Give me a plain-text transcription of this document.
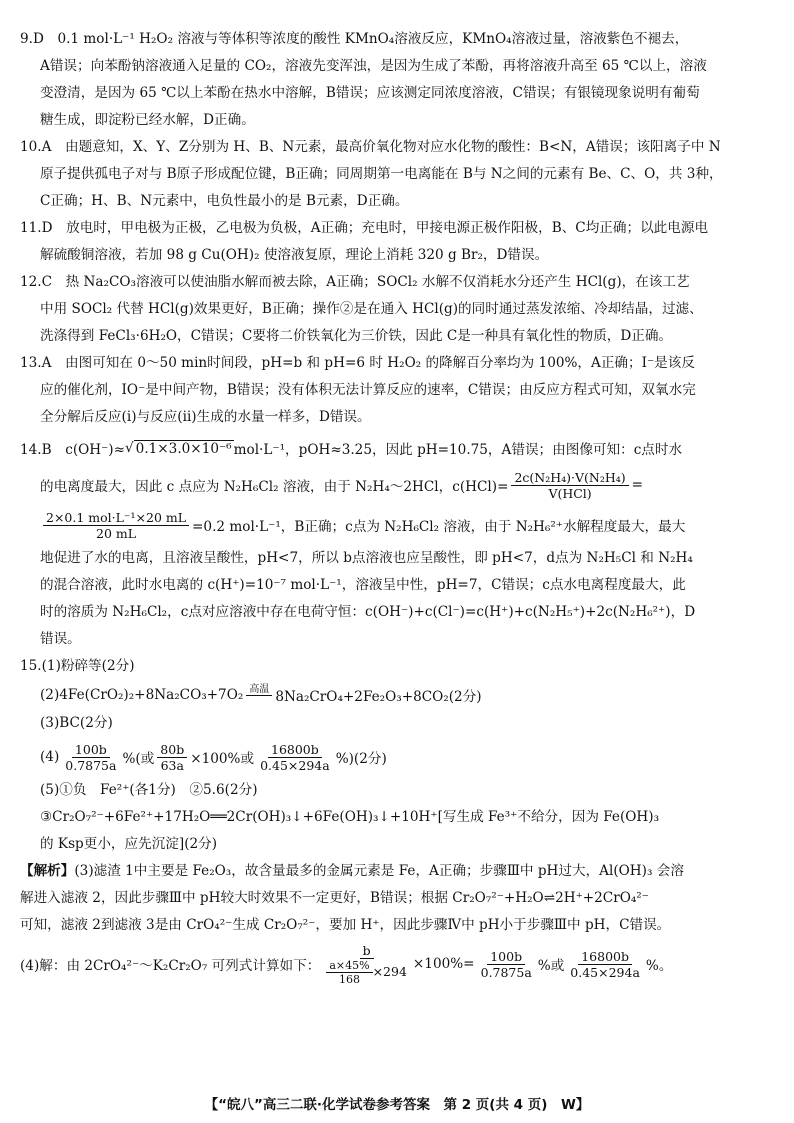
9.D　0.1 mol·L⁻¹ H₂O₂ 溶液与等体积等浓度的酸性 KMnO₄溶液反应，KMnO₄溶液过量，溶液紫色不褪去，

A错误；向苯酚钠溶液通入足量的 CO₂，溶液先变浑浊，是因为生成了苯酚，再将溶液升高至 65 ℃以上，溶液

变澄清，是因为 65 ℃以上苯酚在热水中溶解，B错误；应该测定同浓度溶液，C错误；有银镜现象说明有葡萄

糖生成，即淀粉已经水解，D正确。

10.A　由题意知，X、Y、Z分别为 H、B、N元素，最高价氧化物对应水化物的酸性：B<N，A错误；该阳离子中 N

原子提供孤电子对与 B原子形成配位键，B正确；同周期第一电离能在 B与 N之间的元素有 Be、C、O，共 3种，

C正确；H、B、N元素中，电负性最小的是 B元素，D正确。

11.D　放电时，甲电极为正极，乙电极为负极，A正确；充电时，甲接电源正极作阳极，B、C均正确；以此电源电

解硫酸铜溶液，若加 98 g Cu(OH)₂ 使溶液复原，理论上消耗 320 g Br₂，D错误。

12.C　热 Na₂CO₃溶液可以使油脂水解而被去除，A正确；SOCl₂ 水解不仅消耗水分还产生 HCl(g)，在该工艺

中用 SOCl₂ 代替 HCl(g)效果更好，B正确；操作②是在通入 HCl(g)的同时通过蒸发浓缩、冷却结晶，过滤、

洗涤得到 FeCl₃·6H₂O，C错误；C要将二价铁氧化为三价铁，因此 C是一种具有氧化性的物质，D正确。

13.A　由图可知在 0～50 min时间段，pH=b 和 pH=6 时 H₂O₂ 的降解百分率均为 100%，A正确；I⁻是该反

应的催化剂，IO⁻是中间产物，B错误；没有体积无法计算反应的速率，C错误；由反应方程式可知，双氧水完

全分解后反应(ⅰ)与反应(ⅱ)生成的水量一样多，D错误。

14.B　c(OH⁻)≈ √ 0.1×3.0×10⁻⁶ mol·L⁻¹，pOH≈3.25，因此 pH=10.75，A错误；由图像可知：c点时水
的电离度最大，因此 c 点应为 N₂H₆Cl₂ 溶液，由于 N₂H₄～2HCl，$c(HCl)= \frac{\text{2c(N₂H₄)·V(N₂H₄)}}{\text{V(HCl)}}$ =
$\frac{\text{2×0.1 mol·L⁻¹×20 mL}}{20 mL} =0.2$ mol·L⁻¹，B正确；c点为 N₂H₆Cl₂ 溶液，由于 N₂H₆²⁺水解程度最大，最大

地促进了水的电离，且溶液呈酸性，pH<7，所以 b点溶液也应呈酸性，即 pH<7，d点为 N₂H₅Cl 和 N₂H₄

的混合溶液，此时水电离的 c(H⁺)=10⁻⁷ mol·L⁻¹，溶液呈中性，pH=7，C错误；c点水电离程度最大，此

时的溶质为 N₂H₆Cl₂，c点对应溶液中存在电荷守恒：c(OH⁻)+c(Cl⁻)=c(H⁺)+c(N₂H₅⁺)+2c(N₂H₆²⁺)，D

错误。

15.(1)粉碎等(2分)

(2)4Fe(CrO₂)₂+8Na₂CO₃+7O₂ 高温
8Na₂CrO₄+2Fe₂O₃+8CO₂(2分)

(3)BC(2分)

$(4) \frac{100b}{0.7875a}$ %(或 $\frac{80b}{63a} \times 100\%$或 $\frac{16800b}{0.45\times 294a} \%)(2$分)

(5)①负　Fe²⁺(各1分)　②5.6(2分)

③Cr₂O₇²⁻+6Fe²⁺+17H₂O══2Cr(OH)₃↓+6Fe(OH)₃↓+10H⁺[写生成 Fe³⁺不给分，因为 Fe(OH)₃

的 Ksp更小，应先沉淀](2分)

【解析】(3)滤渣 1中主要是 Fe₂O₃，故含量最多的金属元素是 Fe，A正确；步骤Ⅲ中 pH过大，Al(OH)₃ 会溶

解进入滤液 2，因此步骤Ⅲ中 pH较大时效果不一定更好，B错误；根据 Cr₂O₇²⁻+H₂O⇌2H⁺+2CrO₄²⁻

可知，滤液 2到滤液 3是由 CrO₄²⁻生成 Cr₂O₇²⁻，要加 H⁺，因此步骤Ⅳ中 pH小于步骤Ⅲ中 pH，C错误。

(4)解：由 2CrO₄²⁻～K₂Cr₂O₇ 可列式计算如下： $\frac{b}{\frac{a\times 45\%}{168} \times 294} \times 100\%= \frac{100b}{0.7875a}$ %或 $\frac{16800b}{0.45\times 294a}$ %。
【“皖八”高三二联·化学试卷参考答案　第 2 页(共 4 页)　W】
